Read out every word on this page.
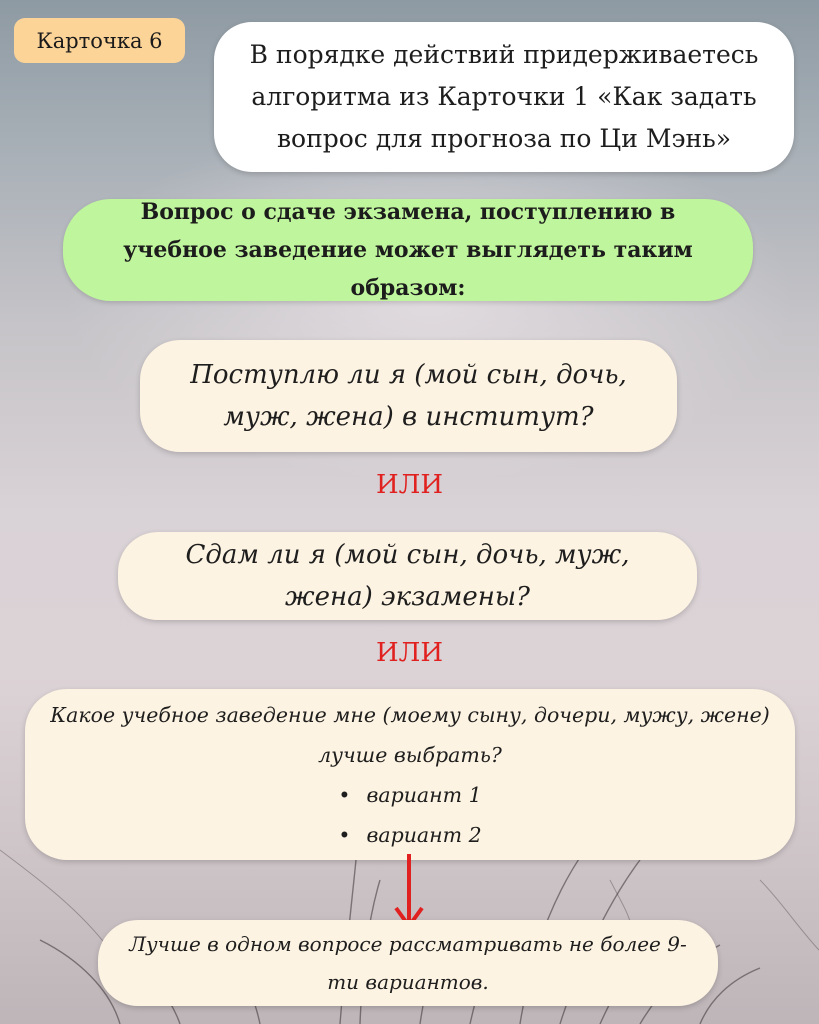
Карточка 6	В порядке действий придерживаетесь алгоритма из Карточки 1 «Как задать вопрос для прогноза по Ци Мэнь»
Вопрос о сдаче экзамена, поступлению в учебное заведение может выглядеть таким образом:
Поступлю ли я (мой сын, дочь, муж, жена) в институт?
ИЛИ
Сдам ли я (мой сын, дочь, муж, жена) экзамены?
ИЛИ
Какое учебное заведение мне (моему сыну, дочери, мужу, жене)
лучше выбрать?
• вариант 1
• вариант 2
Лучше в одном вопросе рассматривать не более 9-ти вариантов.
